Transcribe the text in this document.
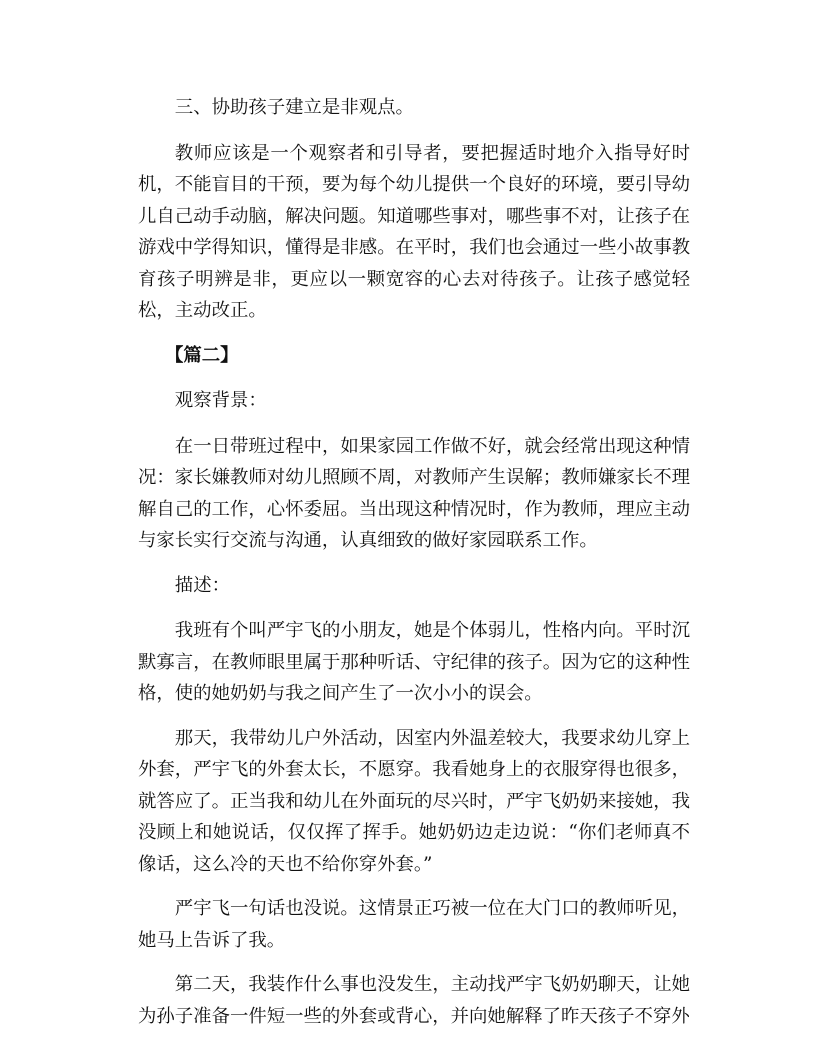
三、协助孩子建立是非观点。

教师应该是一个观察者和引导者，要把握适时地介入指导好时机，不能盲目的干预，要为每个幼儿提供一个良好的环境，要引导幼儿自己动手动脑，解决问题。知道哪些事对，哪些事不对，让孩子在游戏中学得知识，懂得是非感。在平时，我们也会通过一些小故事教育孩子明辨是非，更应以一颗宽容的心去对待孩子。让孩子感觉轻松，主动改正。

【篇二】

观察背景：

在一日带班过程中，如果家园工作做不好，就会经常出现这种情况：家长嫌教师对幼儿照顾不周，对教师产生误解；教师嫌家长不理解自己的工作，心怀委屈。当出现这种情况时，作为教师，理应主动与家长实行交流与沟通，认真细致的做好家园联系工作。

描述：

我班有个叫严宇飞的小朋友，她是个体弱儿，性格内向。平时沉默寡言，在教师眼里属于那种听话、守纪律的孩子。因为它的这种性格，使的她奶奶与我之间产生了一次小小的误会。

那天，我带幼儿户外活动，因室内外温差较大，我要求幼儿穿上外套，严宇飞的外套太长，不愿穿。我看她身上的衣服穿得也很多，就答应了。正当我和幼儿在外面玩的尽兴时，严宇飞奶奶来接她，我没顾上和她说话，仅仅挥了挥手。她奶奶边走边说：“你们老师真不像话，这么冷的天也不给你穿外套。”

严宇飞一句话也没说。这情景正巧被一位在大门口的教师听见，她马上告诉了我。

第二天，我装作什么事也没发生，主动找严宇飞奶奶聊天，让她为孙子准备一件短一些的外套或背心，并向她解释了昨天孩子不穿外
